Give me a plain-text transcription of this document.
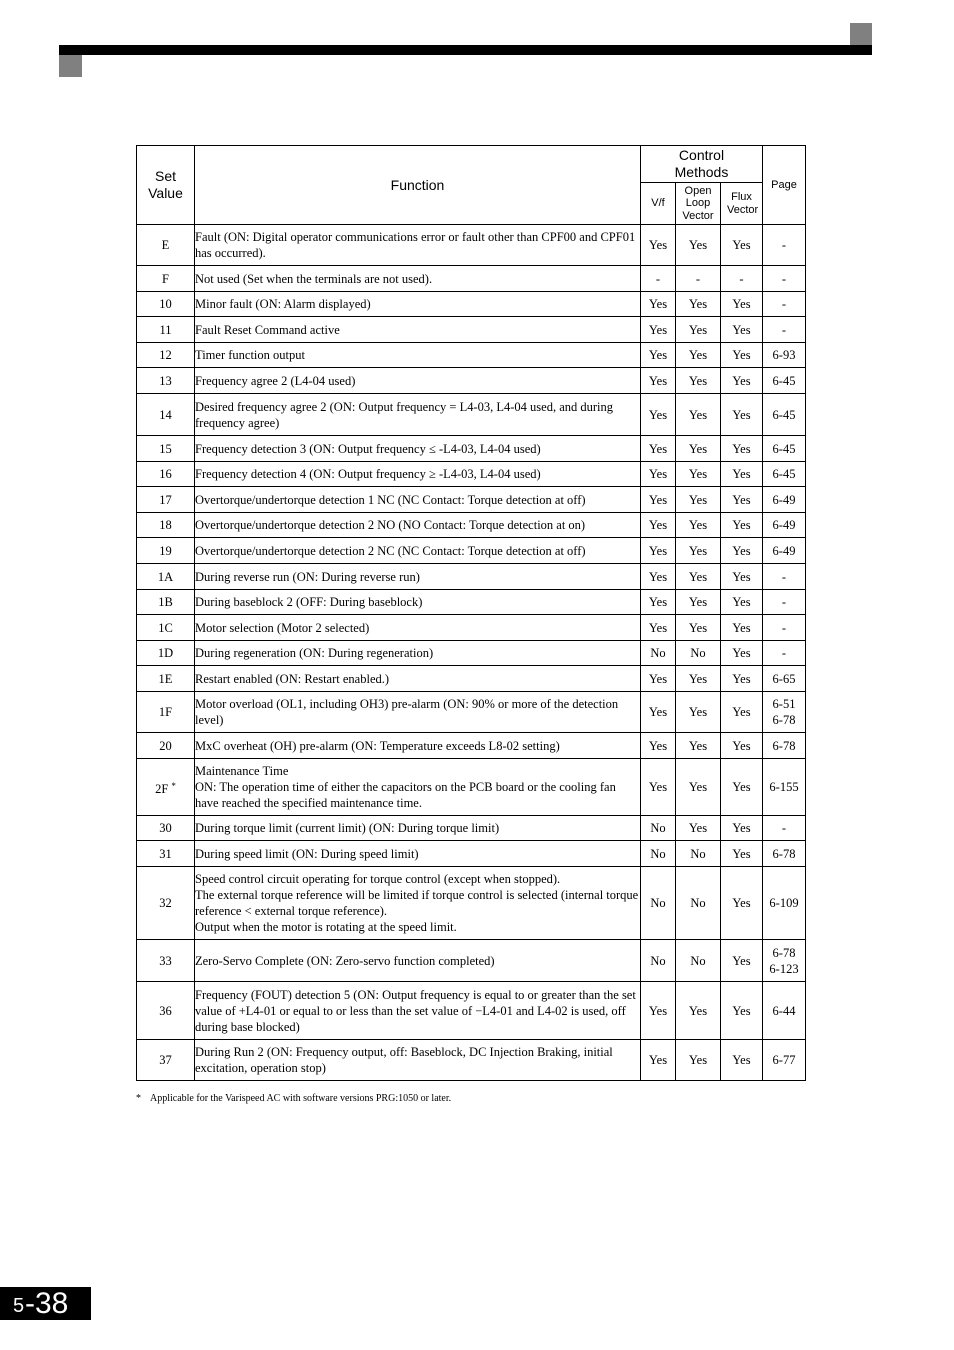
Set Value	Function	Control Methods			Page
		V/f	Open Loop Vector	Flux Vector	
E	Fault (ON: Digital operator communications error or fault other than CPF00 and CPF01 has occurred).	Yes	Yes	Yes	-
F	Not used (Set when the terminals are not used).	-	-	-	-
10	Minor fault (ON: Alarm displayed)	Yes	Yes	Yes	-
11	Fault Reset Command active	Yes	Yes	Yes	-
12	Timer function output	Yes	Yes	Yes	6-93
13	Frequency agree 2 (L4-04 used)	Yes	Yes	Yes	6-45
14	Desired frequency agree 2 (ON: Output frequency = L4-03, L4-04 used, and during frequency agree)	Yes	Yes	Yes	6-45
15	Frequency detection 3 (ON: Output frequency ≤ -L4-03, L4-04 used)	Yes	Yes	Yes	6-45
16	Frequency detection 4 (ON: Output frequency ≥ -L4-03, L4-04 used)	Yes	Yes	Yes	6-45
17	Overtorque/undertorque detection 1 NC (NC Contact: Torque detection at off)	Yes	Yes	Yes	6-49
18	Overtorque/undertorque detection 2 NO (NO Contact: Torque detection at on)	Yes	Yes	Yes	6-49
19	Overtorque/undertorque detection 2 NC (NC Contact: Torque detection at off)	Yes	Yes	Yes	6-49
1A	During reverse run (ON: During reverse run)	Yes	Yes	Yes	-
1B	During baseblock 2 (OFF: During baseblock)	Yes	Yes	Yes	-
1C	Motor selection (Motor 2 selected)	Yes	Yes	Yes	-
1D	During regeneration (ON: During regeneration)	No	No	Yes	-
1E	Restart enabled (ON: Restart enabled.)	Yes	Yes	Yes	6-65
1F	Motor overload (OL1, including OH3) pre-alarm (ON: 90% or more of the detection level)	Yes	Yes	Yes	6-51
6-78
20	MxC overheat (OH) pre-alarm (ON: Temperature exceeds L8-02 setting)	Yes	Yes	Yes	6-78
2F *	Maintenance Time
ON: The operation time of either the capacitors on the PCB board or the cooling fan have reached the specified maintenance time.	Yes	Yes	Yes	6-155
30	During torque limit (current limit) (ON: During torque limit)	No	Yes	Yes	-
31	During speed limit (ON: During speed limit)	No	No	Yes	6-78
32	Speed control circuit operating for torque control (except when stopped).
The external torque reference will be limited if torque control is selected (internal torque reference < external torque reference).
Output when the motor is rotating at the speed limit.	No	No	Yes	6-109
33	Zero-Servo Complete (ON: Zero-servo function completed)	No	No	Yes	6-78
6-123
36	Frequency (FOUT) detection 5 (ON: Output frequency is equal to or greater than the set value of +L4-01 or equal to or less than the set value of −L4-01 and L4-02 is used, off during base blocked)	Yes	Yes	Yes	6-44
37	During Run 2 (ON: Frequency output, off: Baseblock, DC Injection Braking, initial excitation, operation stop)	Yes	Yes	Yes	6-77
* Applicable for the Varispeed AC with software versions PRG:1050 or later.
5 -38
